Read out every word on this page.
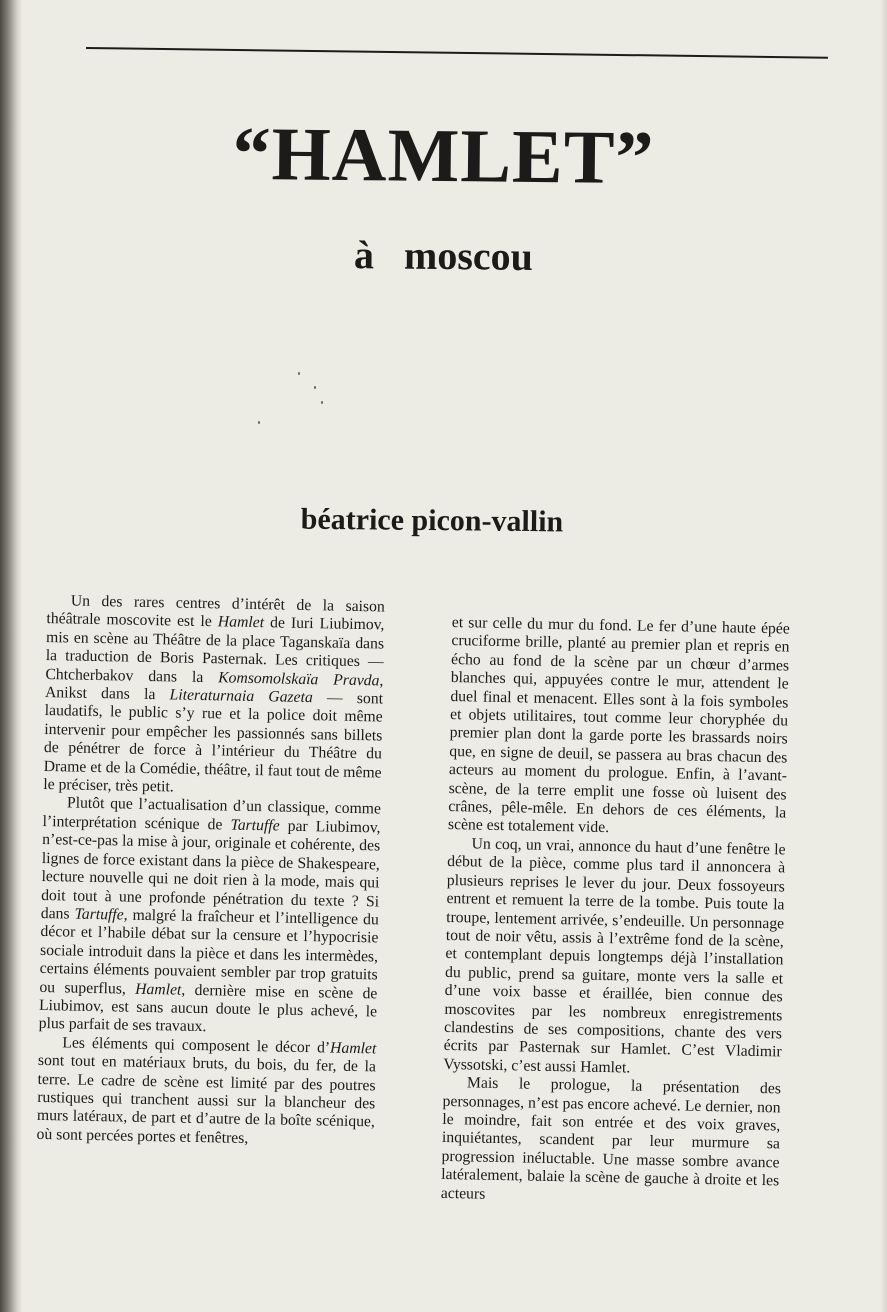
“HAMLET”
à moscou
béatrice picon-vallin

Un des rares centres d’intérêt de la saison théâtrale moscovite est le Hamlet de Iuri Liubimov, mis en scène au Théâtre de la place Taganskaïa dans la traduction de Boris Pasternak. Les critiques — Chtcherbakov dans la Komsomolskaïa Pravda, Anikst dans la Literaturnaia Gazeta — sont laudatifs, le public s’y rue et la police doit même intervenir pour empêcher les passionnés sans billets de pénétrer de force à l’intérieur du Théâtre du Drame et de la Comédie, théâtre, il faut tout de même le préciser, très petit.

Plutôt que l’actualisation d’un classique, comme l’interprétation scénique de Tartuffe par Liubimov, n’est-ce-pas la mise à jour, originale et cohérente, des lignes de force existant dans la pièce de Shakespeare, lecture nouvelle qui ne doit rien à la mode, mais qui doit tout à une profonde pénétration du texte ? Si dans Tartuffe, malgré la fraîcheur et l’intelligence du décor et l’habile débat sur la censure et l’hypocrisie sociale introduit dans la pièce et dans les intermèdes, certains éléments pouvaient sembler par trop gratuits ou superflus, Hamlet, dernière mise en scène de Liubimov, est sans aucun doute le plus achevé, le plus parfait de ses travaux.

Les éléments qui composent le décor d’Hamlet sont tout en matériaux bruts, du bois, du fer, de la terre. Le cadre de scène est limité par des poutres rustiques qui tranchent aussi sur la blancheur des murs latéraux, de part et d’autre de la boîte scénique, où sont percées portes et fenêtres,

et sur celle du mur du fond. Le fer d’une haute épée cruciforme brille, planté au premier plan et repris en écho au fond de la scène par un chœur d’armes blanches qui, appuyées contre le mur, attendent le duel final et menacent. Elles sont à la fois symboles et objets utilitaires, tout comme leur choryphée du premier plan dont la garde porte les brassards noirs que, en signe de deuil, se passera au bras chacun des acteurs au moment du prologue. Enfin, à l’avant-scène, de la terre emplit une fosse où luisent des crânes, pêle-mêle. En dehors de ces éléments, la scène est totalement vide.

Un coq, un vrai, annonce du haut d’une fenêtre le début de la pièce, comme plus tard il annoncera à plusieurs reprises le lever du jour. Deux fossoyeurs entrent et remuent la terre de la tombe. Puis toute la troupe, lentement arrivée, s’endeuille. Un personnage tout de noir vêtu, assis à l’extrême fond de la scène, et contemplant depuis longtemps déjà l’installation du public, prend sa guitare, monte vers la salle et d’une voix basse et éraillée, bien connue des moscovites par les nombreux enregistrements clandestins de ses compositions, chante des vers écrits par Pasternak sur Hamlet. C’est Vladimir Vyssotski, c’est aussi Hamlet.

Mais le prologue, la présentation des personnages, n’est pas encore achevé. Le dernier, non le moindre, fait son entrée et des voix graves, inquiétantes, scandent par leur murmure sa progression inéluctable. Une masse sombre avance latéralement, balaie la scène de gauche à droite et les acteurs
